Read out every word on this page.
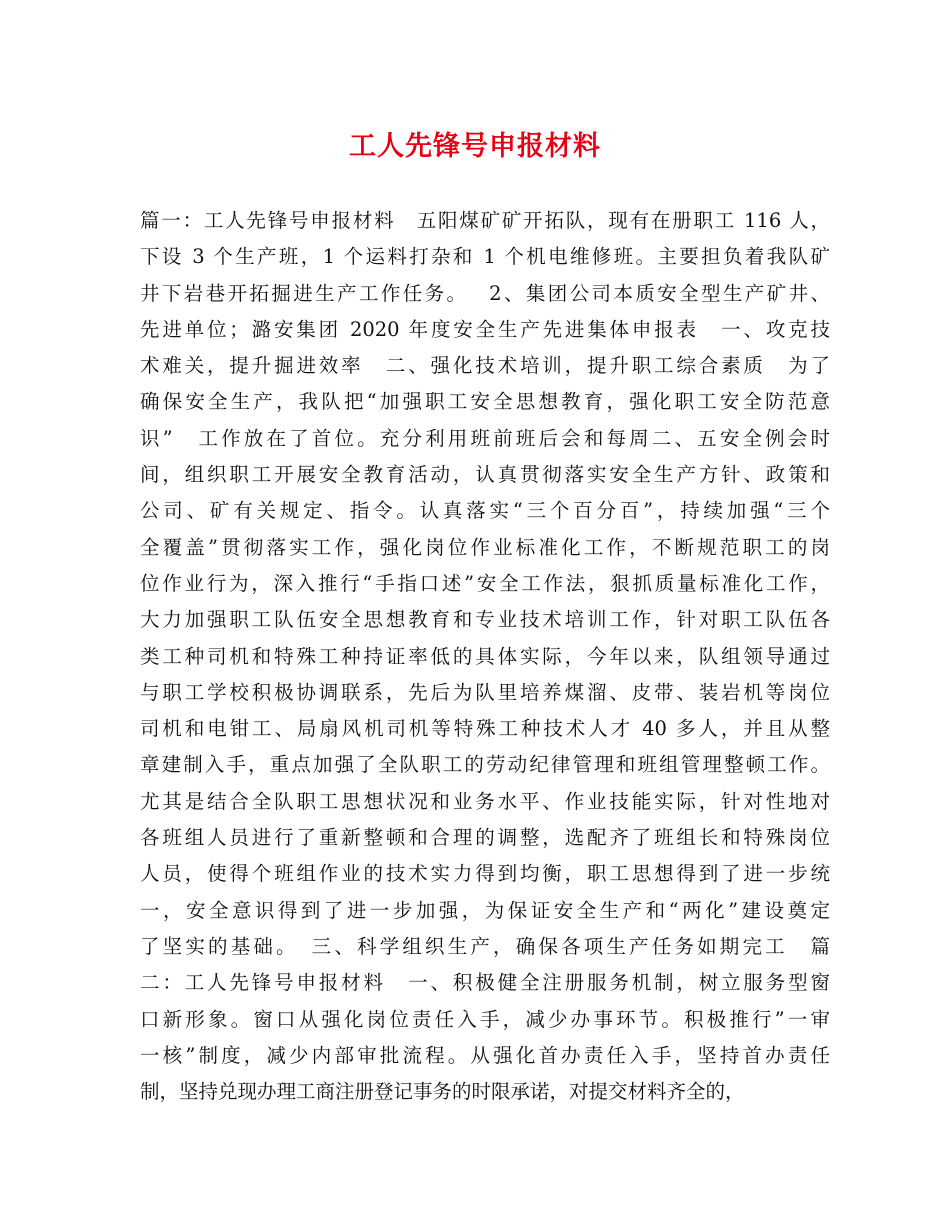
工人先锋号申报材料
篇一：工人先锋号申报材料　五阳煤矿矿开拓队，现有在册职工 116 人，
下设 3 个生产班，1 个运料打杂和 1 个机电维修班。主要担负着我队矿
井下岩巷开拓掘进生产工作任务。　 2、集团公司本质安全型生产矿井、
先进单位；潞安集团 2020 年度安全生产先进集体申报表　一、攻克技
术难关，提升掘进效率　二、强化技术培训，提升职工综合素质　为了
确保安全生产，我队把“加强职工安全思想教育，强化职工安全防范意
识”　工作放在了首位。充分利用班前班后会和每周二、五安全例会时
间，组织职工开展安全教育活动，认真贯彻落实安全生产方针、政策和
公司、矿有关规定、指令。认真落实“三个百分百”，持续加强“三个
全覆盖”贯彻落实工作，强化岗位作业标准化工作，不断规范职工的岗
位作业行为，深入推行“手指口述”安全工作法，狠抓质量标准化工作，
大力加强职工队伍安全思想教育和专业技术培训工作，针对职工队伍各
类工种司机和特殊工种持证率低的具体实际，今年以来，队组领导通过
与职工学校积极协调联系，先后为队里培养煤溜、皮带、装岩机等岗位
司机和电钳工、局扇风机司机等特殊工种技术人才 40 多人，并且从整
章建制入手，重点加强了全队职工的劳动纪律管理和班组管理整顿工作。
尤其是结合全队职工思想状况和业务水平、作业技能实际，针对性地对
各班组人员进行了重新整顿和合理的调整，选配齐了班组长和特殊岗位
人员，使得个班组作业的技术实力得到均衡，职工思想得到了进一步统
一，安全意识得到了进一步加强，为保证安全生产和“两化”建设奠定
了坚实的基础。　三、科学组织生产，确保各项生产任务如期完工　篇
二：工人先锋号申报材料　一、积极健全注册服务机制，树立服务型窗
口新形象。窗口从强化岗位责任入手，减少办事环节。积极推行”一审
一核”制度，减少内部审批流程。从强化首办责任入手，坚持首办责任
制，坚持兑现办理工商注册登记事务的时限承诺，对提交材料齐全的，
